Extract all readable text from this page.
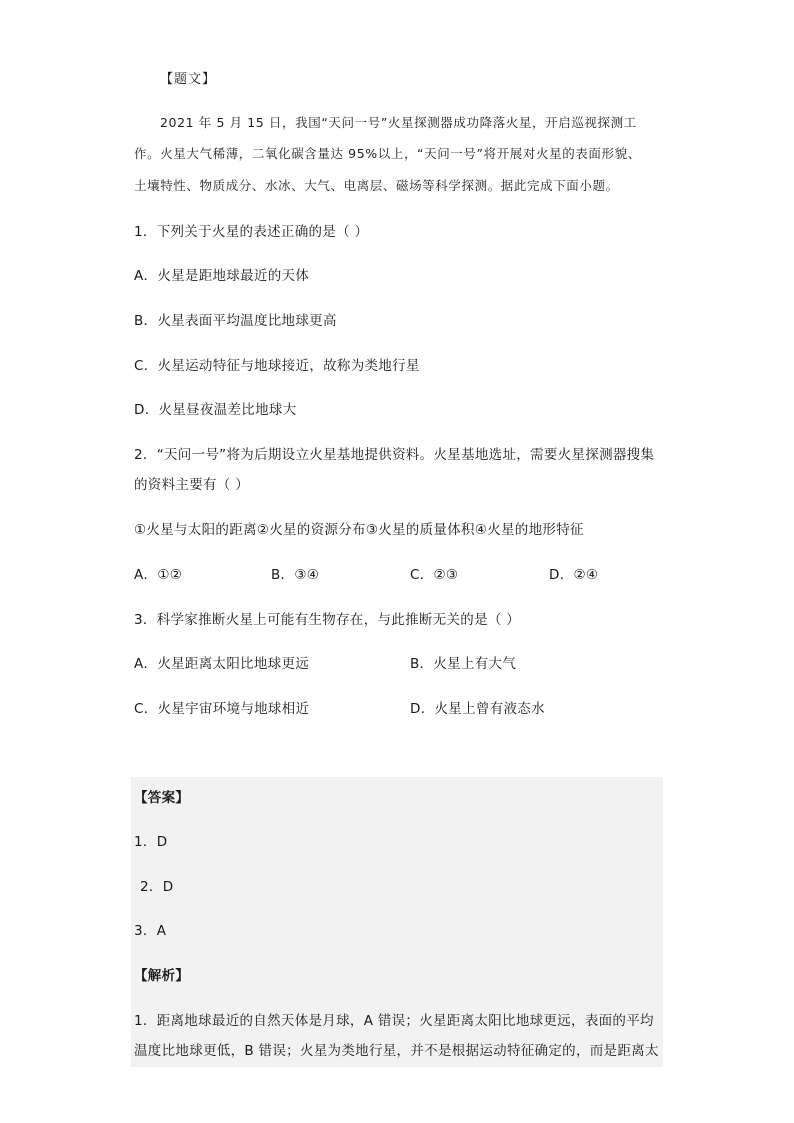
【题文】
2021 年 5 月 15 日，我国“天问一号”火星探测器成功降落火星，开启巡视探测工
作。火星大气稀薄，二氧化碳含量达 95%以上，“天问一号”将开展对火星的表面形貌、
土壤特性、物质成分、水冰、大气、电离层、磁场等科学探测。据此完成下面小题。
1．下列关于火星的表述正确的是（ ）
A．火星是距地球最近的天体
B．火星表面平均温度比地球更高
C．火星运动特征与地球接近，故称为类地行星
D．火星昼夜温差比地球大
2．“天问一号”将为后期设立火星基地提供资料。火星基地选址，需要火星探测器搜集
的资料主要有（ ）
①火星与太阳的距离②火星的资源分布③火星的质量体积④火星的地形特征
A．①②	B．③④	C．②③	D．②④
3．科学家推断火星上可能有生物存在，与此推断无关的是（ ）
A．火星距离太阳比地球更远	B．火星上有大气
C．火星宇宙环境与地球相近	D．火星上曾有液态水
【答案】
1．D
2．D
3．A
【解析】
1．距离地球最近的自然天体是月球，A 错误；火星距离太阳比地球更远，表面的平均
温度比地球更低，B 错误；火星为类地行星，并不是根据运动特征确定的，而是距离太
